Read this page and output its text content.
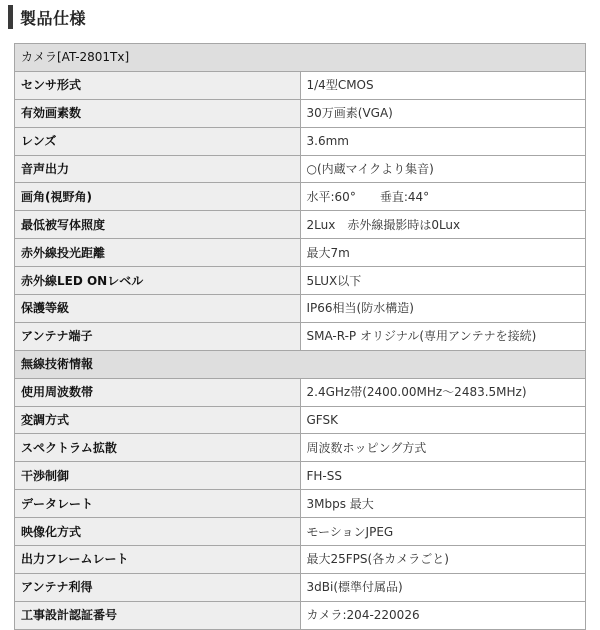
製品仕様
カメラ[AT-2801Tx]	
センサ形式	1/4型CMOS
有効画素数	30万画素(VGA)
レンズ	3.6mm
音声出力	○(内蔵マイクより集音)
画角(視野角)	水平:60°　　垂直:44°
最低被写体照度	2Lux　赤外線撮影時は0Lux
赤外線投光距離	最大7m
赤外線LED ONレベル	5LUX以下
保護等級	IP66相当(防水構造)
アンテナ端子	SMA-R-P オリジナル(専用アンテナを接続)
無線技術情報	
使用周波数帯	2.4GHz帯(2400.00MHz～2483.5MHz)
変調方式	GFSK
スペクトラム拡散	周波数ホッピング方式
干渉制御	FH-SS
データレート	3Mbps 最大
映像化方式	モーションJPEG
出力フレームレート	最大25FPS(各カメラごと)
アンテナ利得	3dBi(標準付属品)
工事設計認証番号	カメラ:204-220026
